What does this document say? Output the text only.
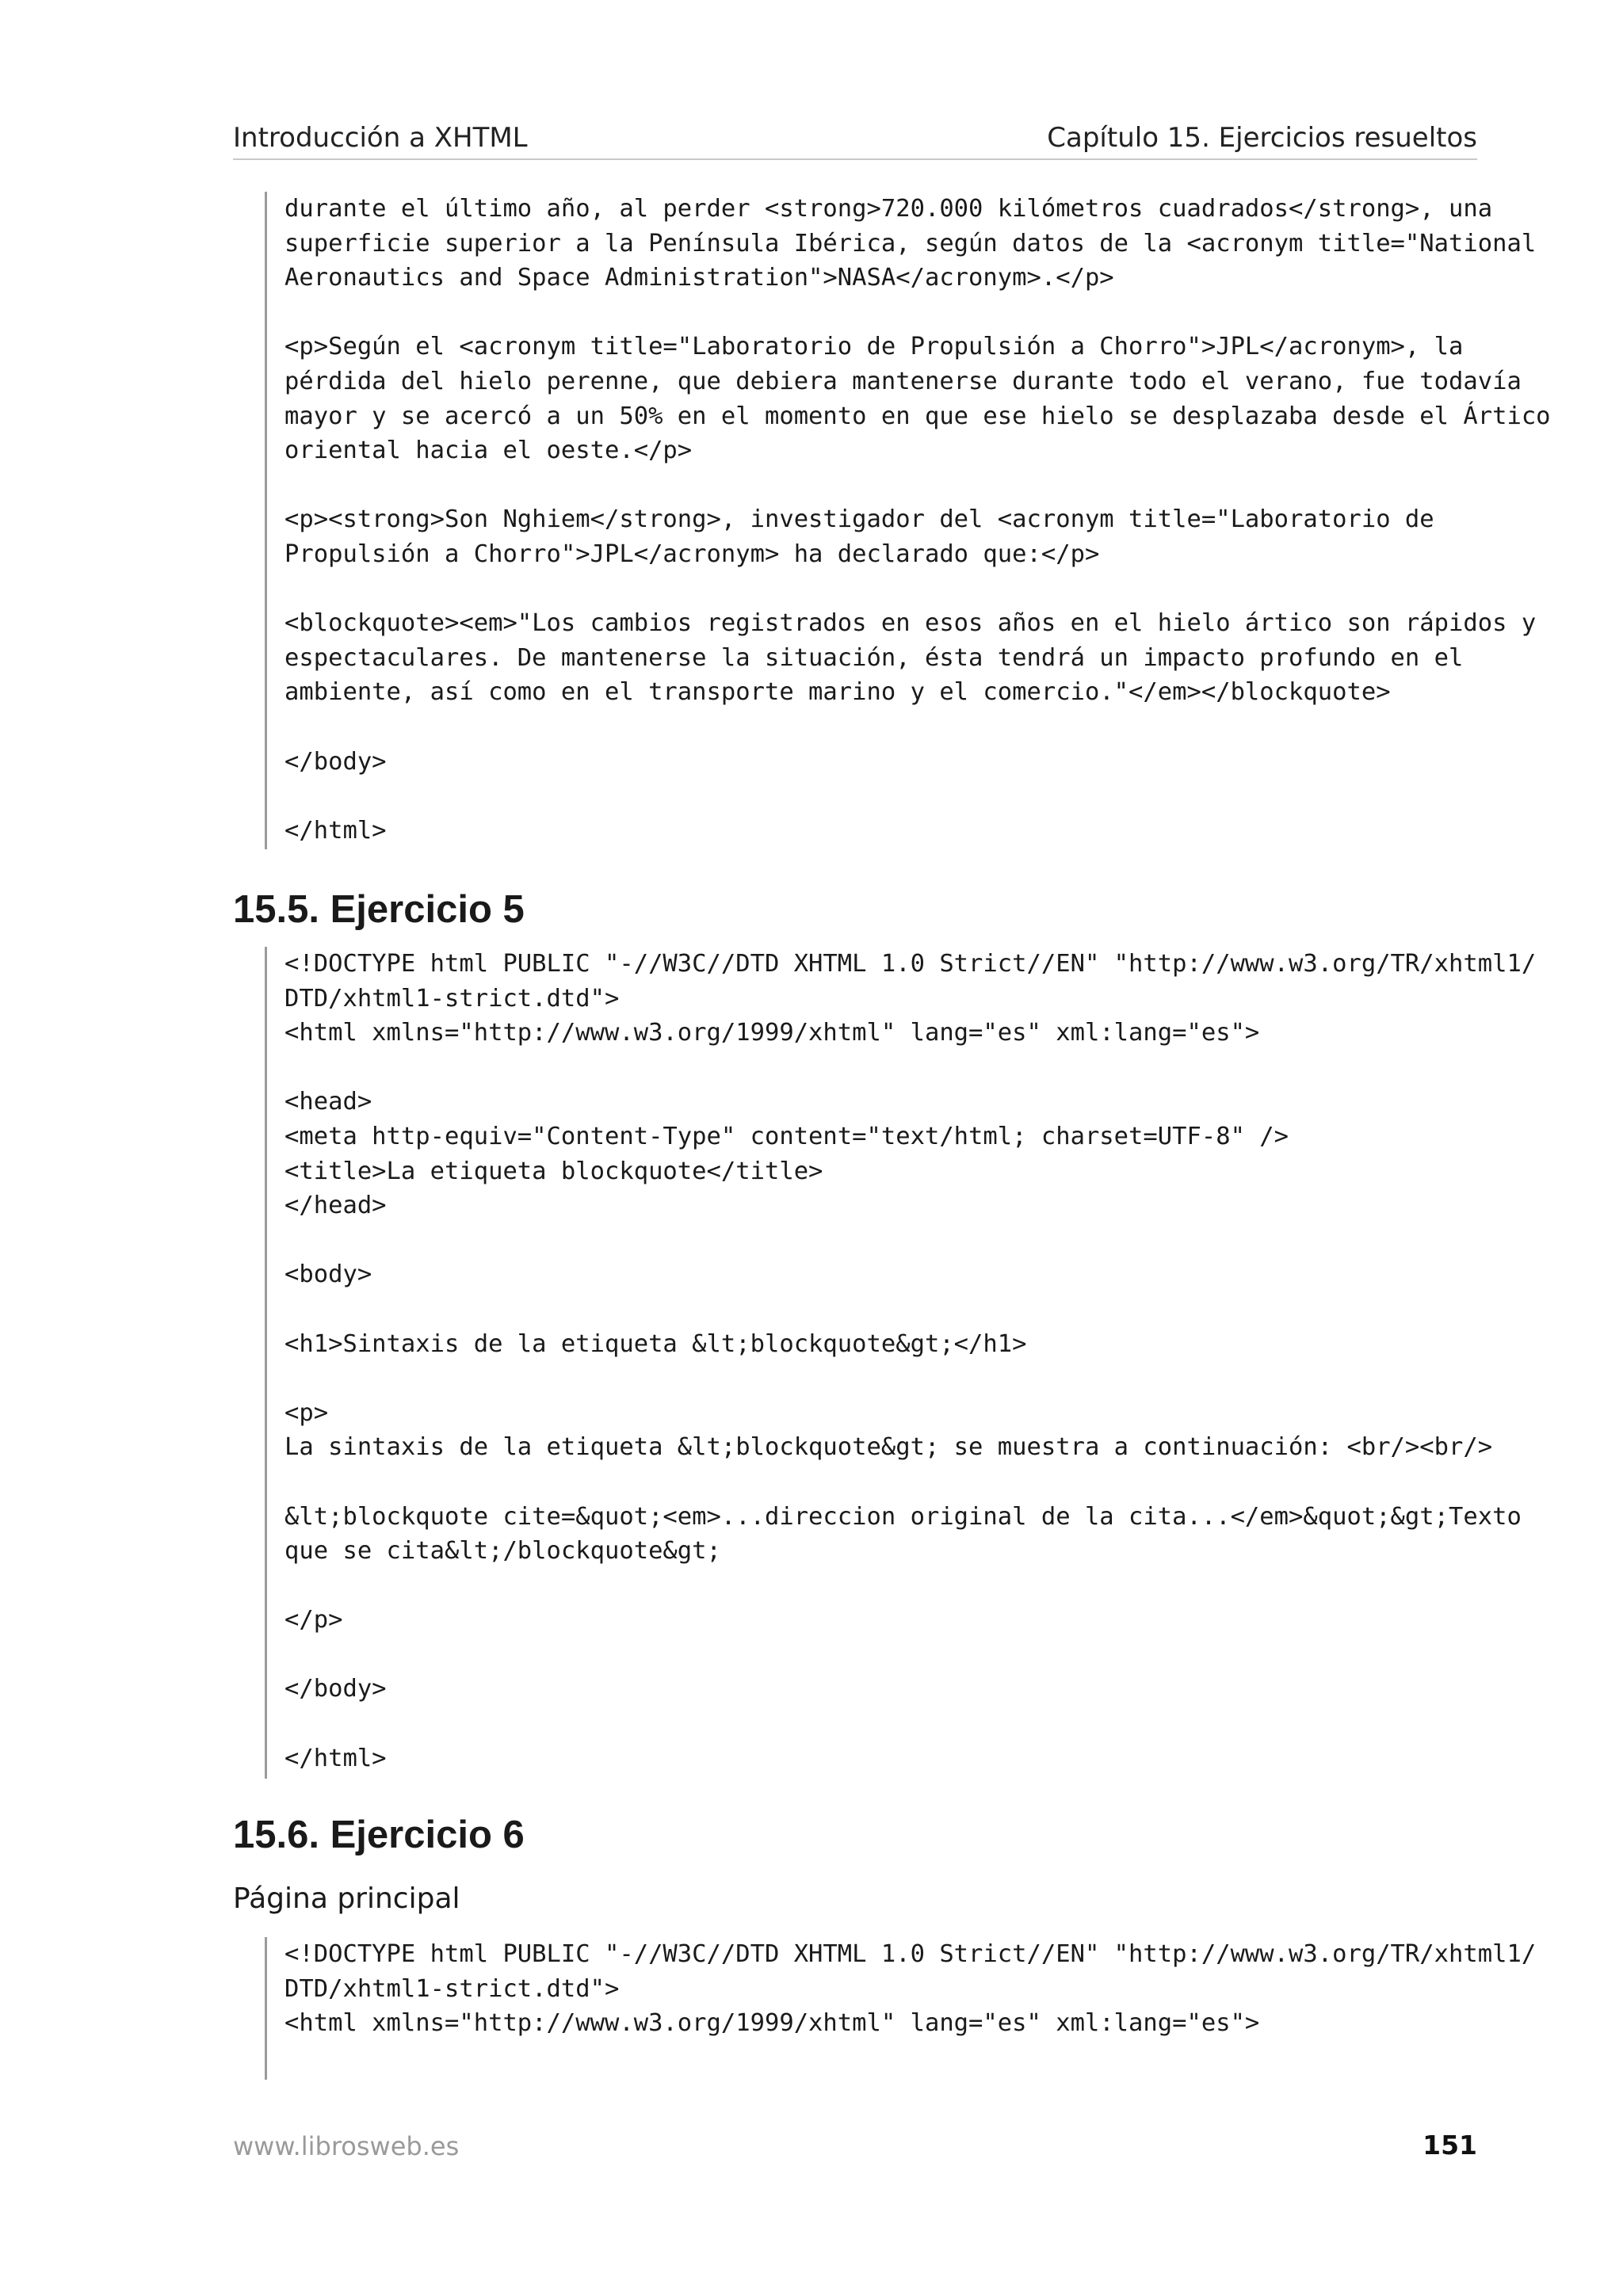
Introducción a XHTML	Capítulo 15. Ejercicios resueltos
durante el último año, al perder <strong>720.000 kilómetros cuadrados</strong>, una
superficie superior a la Península Ibérica, según datos de la <acronym title="National
Aeronautics and Space Administration">NASA</acronym>.</p>

<p>Según el <acronym title="Laboratorio de Propulsión a Chorro">JPL</acronym>, la
pérdida del hielo perenne, que debiera mantenerse durante todo el verano, fue todavía
mayor y se acercó a un 50% en el momento en que ese hielo se desplazaba desde el Ártico
oriental hacia el oeste.</p>

<p><strong>Son Nghiem</strong>, investigador del <acronym title="Laboratorio de
Propulsión a Chorro">JPL</acronym> ha declarado que:</p>

<blockquote><em>"Los cambios registrados en esos años en el hielo ártico son rápidos y
espectaculares. De mantenerse la situación, ésta tendrá un impacto profundo en el
ambiente, así como en el transporte marino y el comercio."</em></blockquote>

</body>

</html>
15.5. Ejercicio 5
<!DOCTYPE html PUBLIC "-//W3C//DTD XHTML 1.0 Strict//EN" "http://www.w3.org/TR/xhtml1/
DTD/xhtml1-strict.dtd">
<html xmlns="http://www.w3.org/1999/xhtml" lang="es" xml:lang="es">

<head>
<meta http-equiv="Content-Type" content="text/html; charset=UTF-8" />
<title>La etiqueta blockquote</title>
</head>

<body>

<h1>Sintaxis de la etiqueta &lt;blockquote&gt;</h1>

<p>
La sintaxis de la etiqueta &lt;blockquote&gt; se muestra a continuación: <br/><br/>

&lt;blockquote cite=&quot;<em>...direccion original de la cita...</em>&quot;&gt;Texto
que se cita&lt;/blockquote&gt;

</p>

</body>

</html>
15.6. Ejercicio 6
Página principal
<!DOCTYPE html PUBLIC "-//W3C//DTD XHTML 1.0 Strict//EN" "http://www.w3.org/TR/xhtml1/
DTD/xhtml1-strict.dtd">
<html xmlns="http://www.w3.org/1999/xhtml" lang="es" xml:lang="es">
www.librosweb.es	151
